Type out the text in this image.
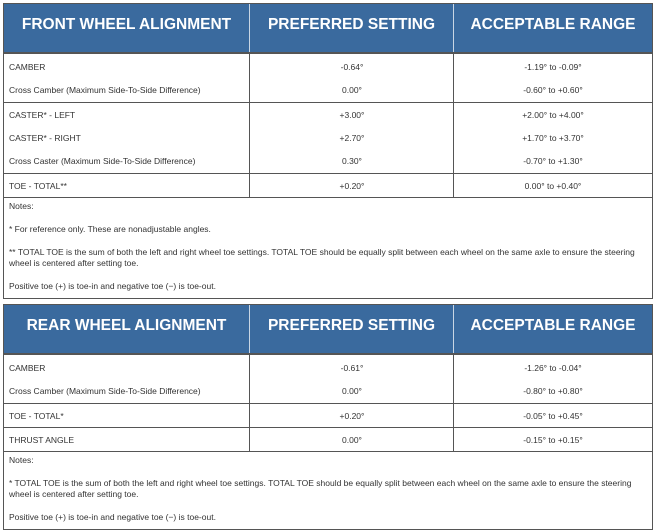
FRONT WHEEL ALIGNMENT	PREFERRED SETTING	ACCEPTABLE RANGE
CAMBER	-0.64°	-1.19° to -0.09°
Cross Camber (Maximum Side-To-Side Difference)	0.00°	-0.60° to +0.60°
CASTER* - LEFT	+3.00°	+2.00° to +4.00°
CASTER* - RIGHT	+2.70°	+1.70° to +3.70°
Cross Caster (Maximum Side-To-Side Difference)	0.30°	-0.70° to +1.30°
TOE - TOTAL**	+0.20°	0.00° to +0.40°

Notes:

* For reference only. These are nonadjustable angles.

** TOTAL TOE is the sum of both the left and right wheel toe settings. TOTAL TOE should be equally split between each wheel on the same axle to ensure the steering wheel is centered after setting toe.

Positive toe (+) is toe-in and negative toe (−) is toe-out.

REAR WHEEL ALIGNMENT	PREFERRED SETTING	ACCEPTABLE RANGE
CAMBER	-0.61°	-1.26° to -0.04°
Cross Camber (Maximum Side-To-Side Difference)	0.00°	-0.80° to +0.80°
TOE - TOTAL*	+0.20°	-0.05° to +0.45°
THRUST ANGLE	0.00°	-0.15° to +0.15°

Notes:

* TOTAL TOE is the sum of both the left and right wheel toe settings. TOTAL TOE should be equally split between each wheel on the same axle to ensure the steering wheel is centered after setting toe.

Positive toe (+) is toe-in and negative toe (−) is toe-out.
